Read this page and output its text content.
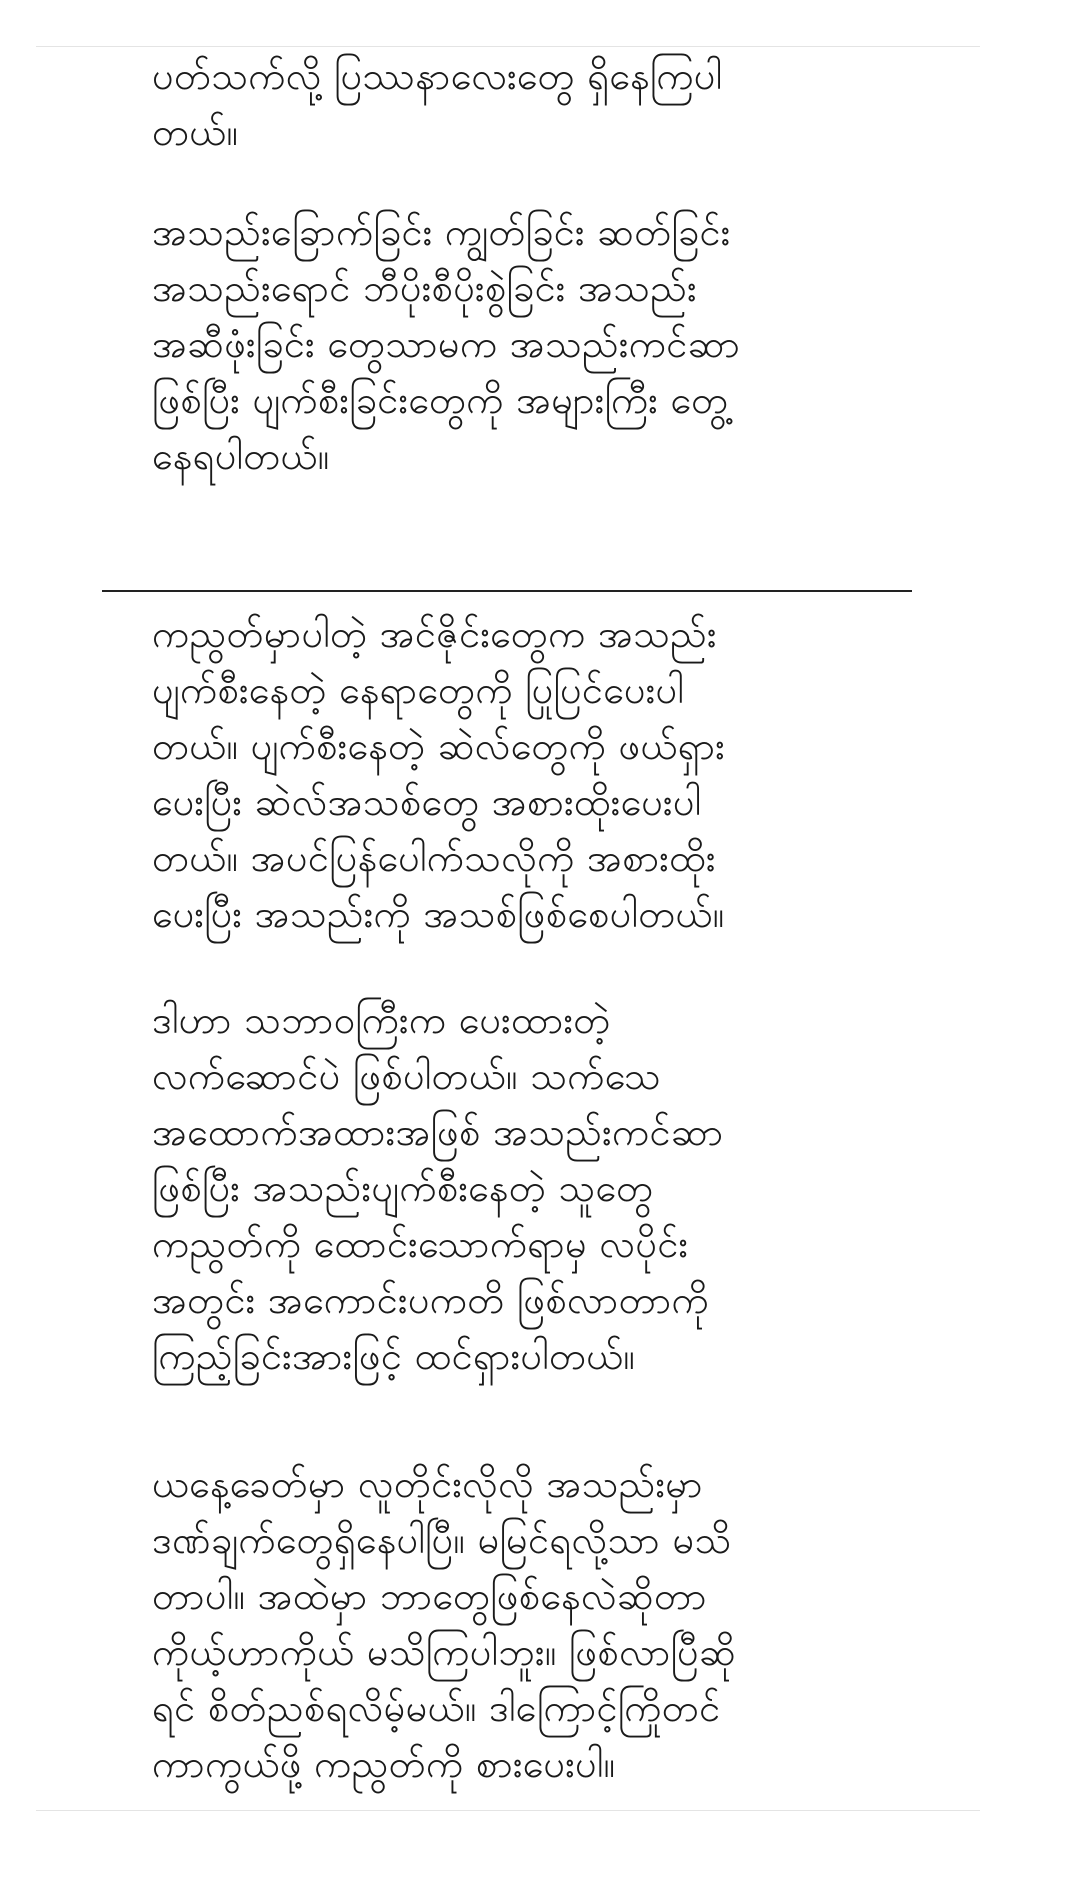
ပတ်သက်လို့ ပြဿနာလေးတွေ ရှိနေကြပါ
တယ်။
အသည်းခြောက်ခြင်း ကျွတ်ခြင်း ဆတ်ခြင်း
အသည်းရောင် ဘီပိုးစီပိုးစွဲခြင်း အသည်း
အဆီဖုံးခြင်း တွေသာမက အသည်းကင်ဆာ
ဖြစ်ပြီး ပျက်စီးခြင်းတွေကို အများကြီး တွေ့
နေရပါတယ်။
ကညွတ်မှာပါတဲ့ အင်ဇိုင်းတွေက အသည်း
ပျက်စီးနေတဲ့ နေရာတွေကို ပြုပြင်ပေးပါ
တယ်။ ပျက်စီးနေတဲ့ ဆဲလ်တွေကို ဖယ်ရှား
ပေးပြီး ဆဲလ်အသစ်တွေ အစားထိုးပေးပါ
တယ်။ အပင်ပြန်ပေါက်သလိုကို အစားထိုး
ပေးပြီး အသည်းကို အသစ်ဖြစ်စေပါတယ်။
ဒါဟာ သဘာဝကြီးက ပေးထားတဲ့
လက်ဆောင်ပဲ ဖြစ်ပါတယ်။ သက်သေ
အထောက်အထားအဖြစ် အသည်းကင်ဆာ
ဖြစ်ပြီး အသည်းပျက်စီးနေတဲ့ သူတွေ
ကညွတ်ကို ထောင်းသောက်ရာမှ လပိုင်း
အတွင်း အကောင်းပကတိ ဖြစ်လာတာကို
ကြည့်ခြင်းအားဖြင့် ထင်ရှားပါတယ်။
ယနေ့ခေတ်မှာ လူတိုင်းလိုလို အသည်းမှာ
ဒဏ်ချက်တွေရှိနေပါပြီ။ မမြင်ရလို့သာ မသိ
တာပါ။ အထဲမှာ ဘာတွေဖြစ်နေလဲဆိုတာ
ကိုယ့်ဟာကိုယ် မသိကြပါဘူး။ ဖြစ်လာပြီဆို
ရင် စိတ်ညစ်ရလိမ့်မယ်။ ဒါကြောင့်ကြိုတင်
ကာကွယ်ဖို့ ကညွတ်ကို စားပေးပါ။
